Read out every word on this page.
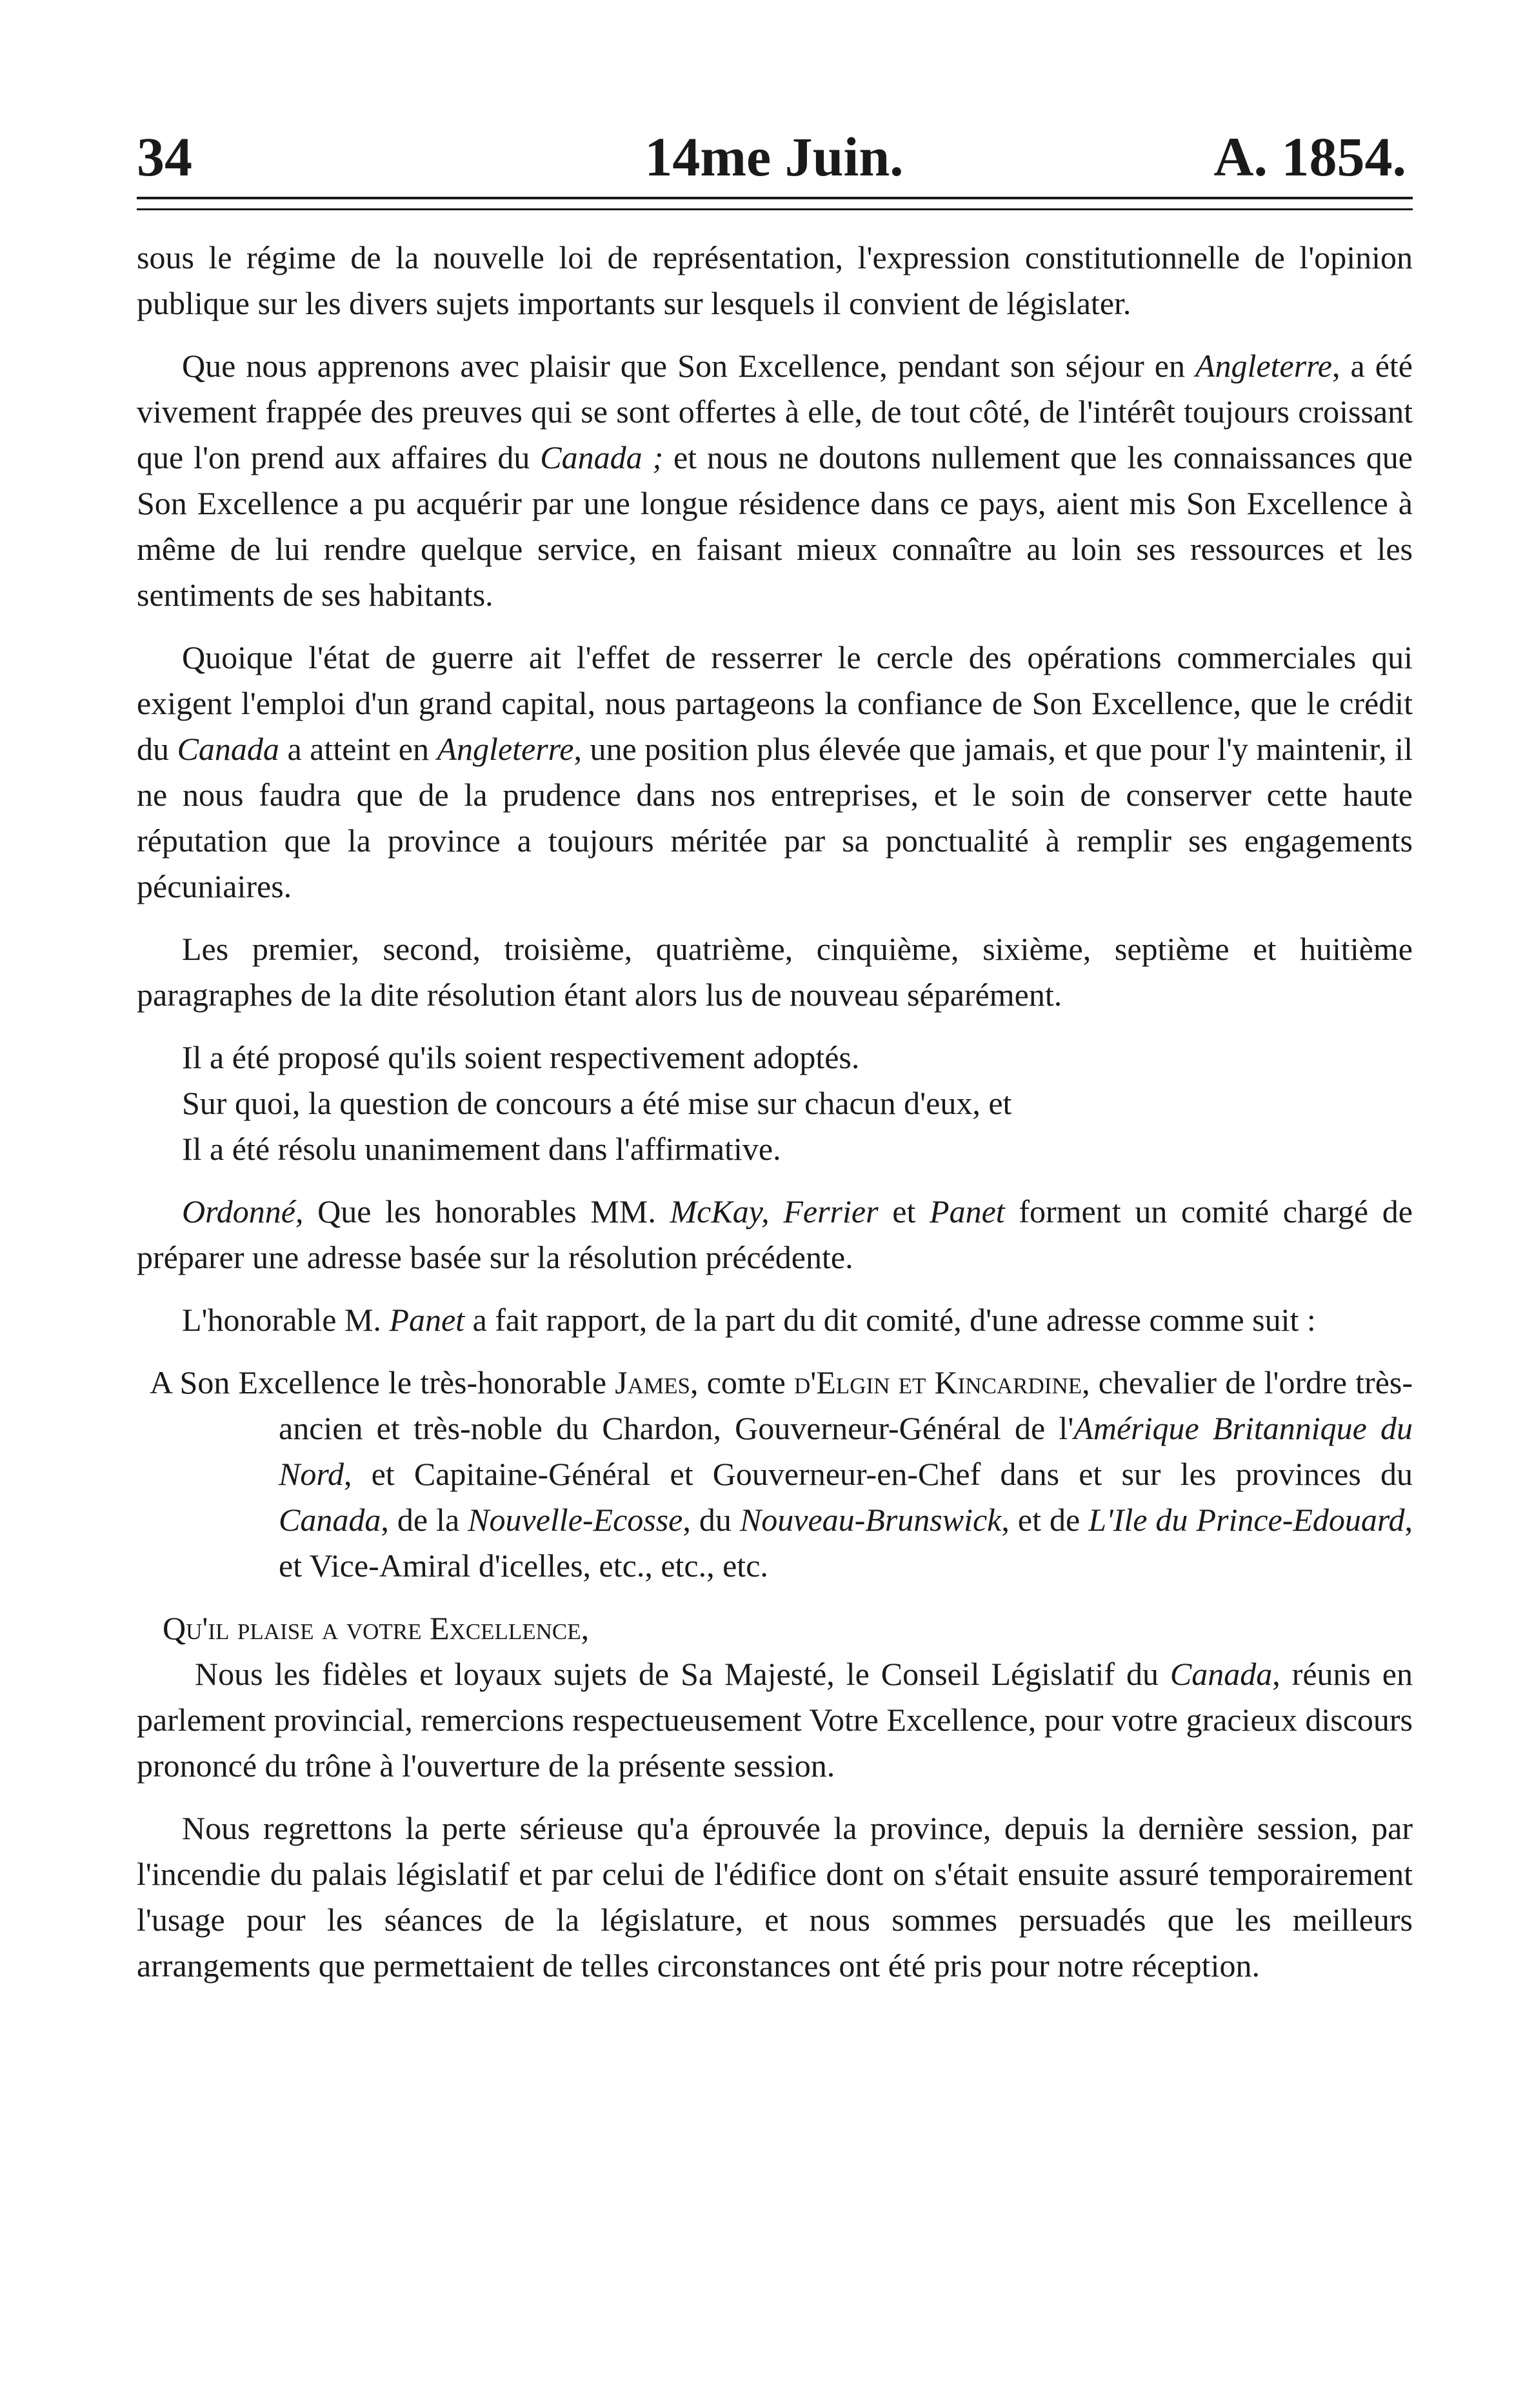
34	14me Juin.	A. 1854.

sous le régime de la nouvelle loi de représentation, l'expression constitutionnelle de l'opinion publique sur les divers sujets importants sur lesquels il convient de législater.

Que nous apprenons avec plaisir que Son Excellence, pendant son séjour en Angleterre, a été vivement frappée des preuves qui se sont offertes à elle, de tout côté, de l'intérêt toujours croissant que l'on prend aux affaires du Canada ; et nous ne doutons nullement que les connaissances que Son Excellence a pu acquérir par une longue résidence dans ce pays, aient mis Son Excellence à même de lui rendre quelque service, en faisant mieux connaître au loin ses ressources et les sentiments de ses habitants.

Quoique l'état de guerre ait l'effet de resserrer le cercle des opérations commerciales qui exigent l'emploi d'un grand capital, nous partageons la confiance de Son Excellence, que le crédit du Canada a atteint en Angleterre, une position plus élevée que jamais, et que pour l'y maintenir, il ne nous faudra que de la prudence dans nos entreprises, et le soin de conserver cette haute réputation que la province a toujours méritée par sa ponctualité à remplir ses engagements pécuniaires.

Les premier, second, troisième, quatrième, cinquième, sixième, septième et huitième paragraphes de la dite résolution étant alors lus de nouveau séparément.

Il a été proposé qu'ils soient respectivement adoptés.

Sur quoi, la question de concours a été mise sur chacun d'eux, et

Il a été résolu unanimement dans l'affirmative.

Ordonné, Que les honorables MM. McKay, Ferrier et Panet forment un comité chargé de préparer une adresse basée sur la résolution précédente.

L'honorable M. Panet a fait rapport, de la part du dit comité, d'une adresse comme suit :

A Son Excellence le très-honorable James, comte d'Elgin et Kincardine, chevalier de l'ordre très-ancien et très-noble du Chardon, Gouverneur-Général de l'Amérique Britannique du Nord, et Capitaine-Général et Gouverneur-en-Chef dans et sur les provinces du Canada, de la Nouvelle-Ecosse, du Nouveau-Brunswick, et de L'Ile du Prince-Edouard, et Vice-Amiral d'icelles, etc., etc., etc.

Qu'il plaise a votre Excellence,

Nous les fidèles et loyaux sujets de Sa Majesté, le Conseil Législatif du Canada, réunis en parlement provincial, remercions respectueusement Votre Excellence, pour votre gracieux discours prononcé du trône à l'ouverture de la présente session.

Nous regrettons la perte sérieuse qu'a éprouvée la province, depuis la dernière session, par l'incendie du palais législatif et par celui de l'édifice dont on s'était ensuite assuré temporairement l'usage pour les séances de la législature, et nous sommes persuadés que les meilleurs arrangements que permettaient de telles circonstances ont été pris pour notre réception.
